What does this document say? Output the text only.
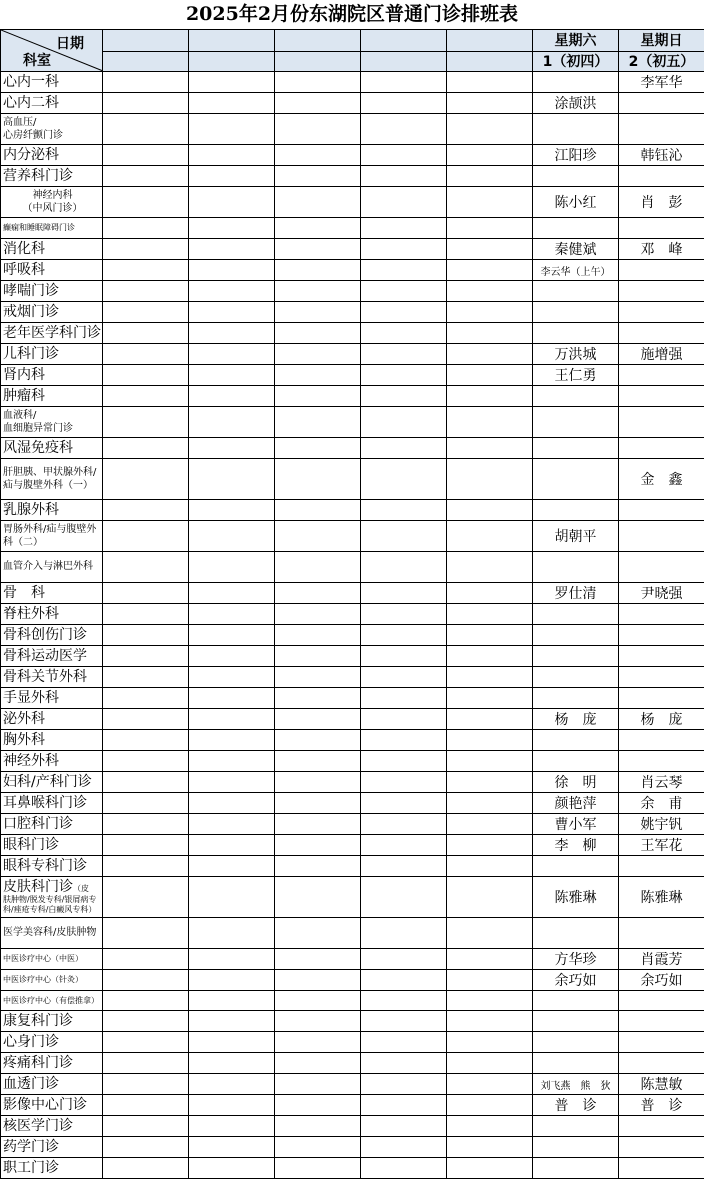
2025年2月份东湖院区普通门诊排班表
日期
科室						星期六	星期日
						1（初四）	2（初五）
心内一科							李军华
心内二科						涂颉洪	
高血压/
心房纤颤门诊							
内分泌科						江阳珍	韩钰沁
营养科门诊							
神经内科
（中风门诊）						陈小红	肖　彭
癫痫和睡眠障碍门诊							
消化科						秦健斌	邓　峰
呼吸科						李云华（上午）	
哮喘门诊							
戒烟门诊							
老年医学科门诊							
儿科门诊						万洪城	施增强
肾内科						王仁勇	
肿瘤科							
血液科/
血细胞异常门诊							
风湿免疫科							
肝胆胰、甲状腺外科/疝与腹壁外科（一）							金　鑫
乳腺外科							
胃肠外科/疝与腹壁外科（二）						胡朝平	
血管介入与淋巴外科							
骨　科						罗仕清	尹晓强
脊柱外科							
骨科创伤门诊							
骨科运动医学							
骨科关节外科							
手显外科							
泌外科						杨　庞	杨　庞
胸外科							
神经外科							
妇科/产科门诊						徐　明	肖云琴
耳鼻喉科门诊						颜艳萍	余　甫
口腔科门诊						曹小军	姚宇钒
眼科门诊						李　柳	王军花
眼科专科门诊							
皮肤科门诊（皮
肤肿物/脱发专科/银屑病专科/痤疮专科/白癜风专科）						陈雅琳	陈雅琳
医学美容科/皮肤肿物							
中医诊疗中心（中医）						方华珍	肖霞芳
中医诊疗中心（针灸）						余巧如	余巧如
中医诊疗中心（有偿推拿）							
康复科门诊							
心身门诊							
疼痛科门诊							
血透门诊						刘飞燕　熊　狄	陈慧敏
影像中心门诊						普　诊	普　诊
核医学门诊							
药学门诊							
职工门诊							
